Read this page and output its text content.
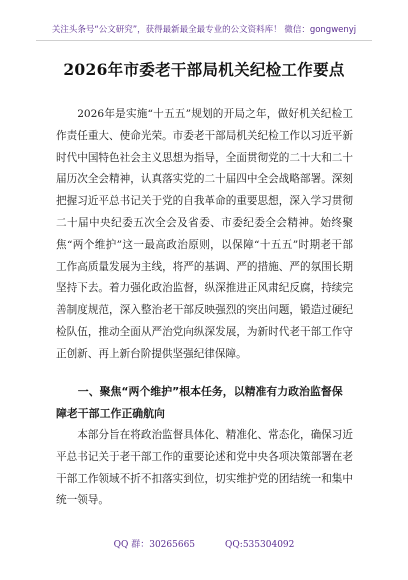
关注头条号“公文研究”，获得最新最全最专业的公文资料库！ 微信：gongwenyj
2026年市委老干部局机关纪检工作要点

2026年是实施“十五五”规划的开局之年，做好机关纪检工作责任重大、使命光荣。市委老干部局机关纪检工作以习近平新时代中国特色社会主义思想为指导，全面贯彻党的二十大和二十届历次全会精神，认真落实党的二十届四中全会战略部署。深刻把握习近平总书记关于党的自我革命的重要思想，深入学习贯彻二十届中央纪委五次全会及省委、市委纪委全会精神。始终聚焦“两个维护”这一最高政治原则，以保障“十五五”时期老干部工作高质量发展为主线，将严的基调、严的措施、严的氛围长期坚持下去。着力强化政治监督，纵深推进正风肃纪反腐，持续完善制度规范，深入整治老干部反映强烈的突出问题，锻造过硬纪检队伍，推动全面从严治党向纵深发展，为新时代老干部工作守正创新、再上新台阶提供坚强纪律保障。

一、聚焦“两个维护”根本任务，以精准有力政治监督保障老干部工作正确航向

本部分旨在将政治监督具体化、精准化、常态化，确保习近平总书记关于老干部工作的重要论述和党中央各项决策部署在老干部工作领域不折不扣落实到位，切实维护党的团结统一和集中统一领导。

QQ 群：30265665	QQ:535304092
